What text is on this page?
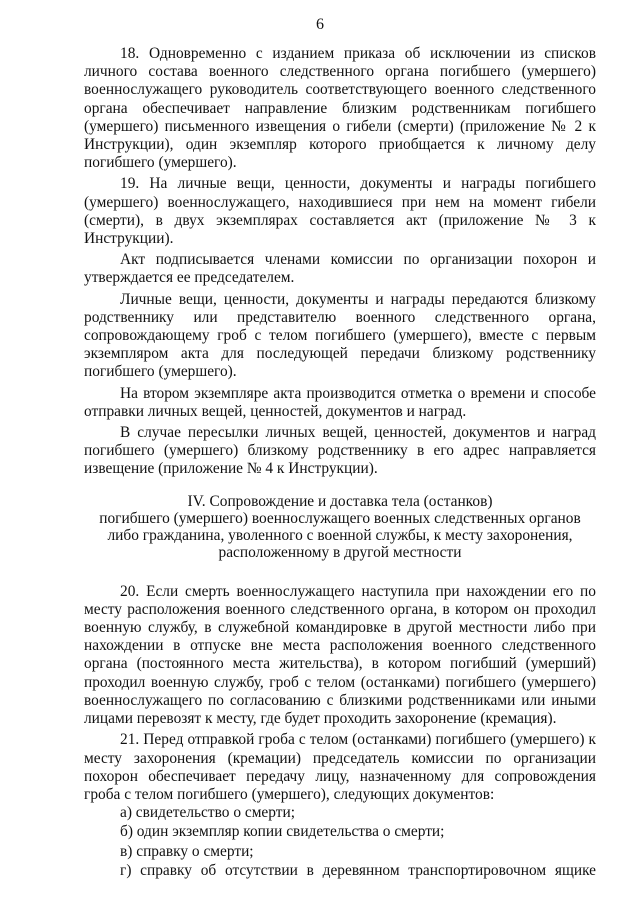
6

18. Одновременно с изданием приказа об исключении из списков личного состава военного следственного органа погибшего (умершего) военнослужащего руководитель соответствующего военного следственного органа обеспечивает направление близким родственникам погибшего (умершего) письменного извещения о гибели (смерти) (приложение № 2 к Инструкции), один экземпляр которого приобщается к личному делу погибшего (умершего).

19. На личные вещи, ценности, документы и награды погибшего (умершего) военнослужащего, находившиеся при нем на момент гибели (смерти), в двух экземплярах составляется акт (приложение № 3 к Инструкции).

Акт подписывается членами комиссии по организации похорон и утверждается ее председателем.

Личные вещи, ценности, документы и награды передаются близкому родственнику или представителю военного следственного органа, сопровождающему гроб с телом погибшего (умершего), вместе с первым экземпляром акта для последующей передачи близкому родственнику погибшего (умершего).

На втором экземпляре акта производится отметка о времени и способе отправки личных вещей, ценностей, документов и наград.

В случае пересылки личных вещей, ценностей, документов и наград погибшего (умершего) близкому родственнику в его адрес направляется извещение (приложение № 4 к Инструкции).

IV. Сопровождение и доставка тела (останков)
погибшего (умершего) военнослужащего военных следственных органов
либо гражданина, уволенного с военной службы, к месту захоронения,
расположенному в другой местности

20. Если смерть военнослужащего наступила при нахождении его по месту расположения военного следственного органа, в котором он проходил военную службу, в служебной командировке в другой местности либо при нахождении в отпуске вне места расположения военного следственного органа (постоянного места жительства), в котором погибший (умерший) проходил военную службу, гроб с телом (останками) погибшего (умершего) военнослужащего по согласованию с близкими родственниками или иными лицами перевозят к месту, где будет проходить захоронение (кремация).

21. Перед отправкой гроба с телом (останками) погибшего (умершего) к месту захоронения (кремации) председатель комиссии по организации похорон обеспечивает передачу лицу, назначенному для сопровождения гроба с телом погибшего (умершего), следующих документов:

а) свидетельство о смерти;

б) один экземпляр копии свидетельства о смерти;

в) справку о смерти;

г) справку об отсутствии в деревянном транспортировочном ящике
